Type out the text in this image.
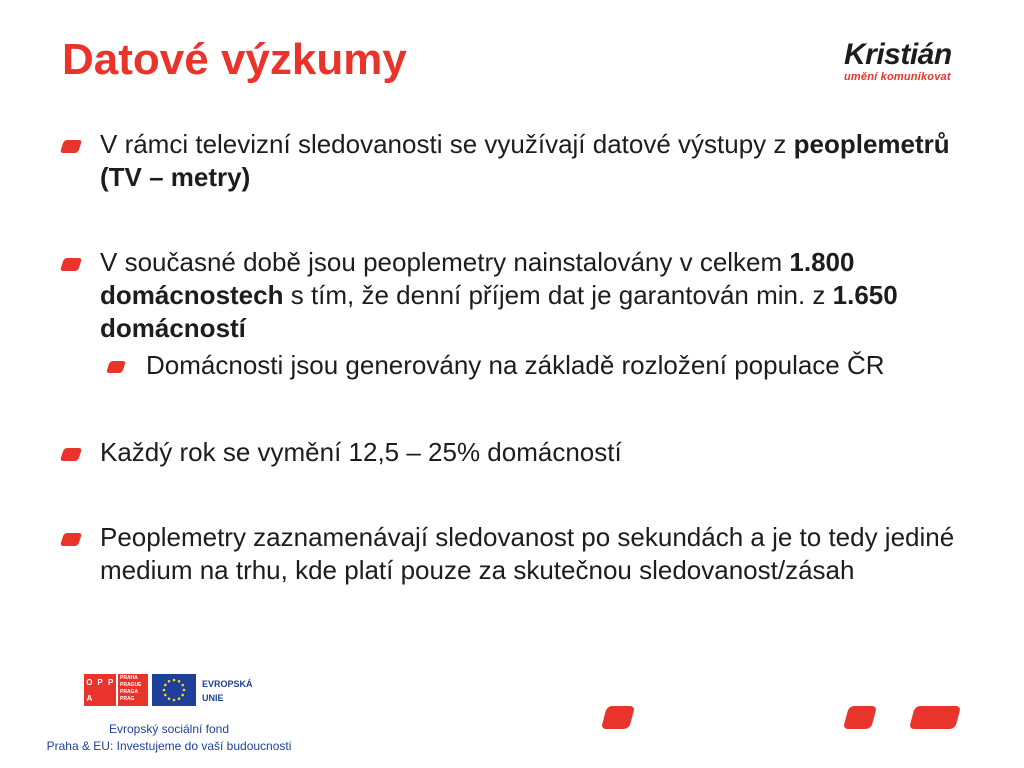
Datové výzkumy	Kristián
umění komunikovat
V rámci televizní sledovanosti se využívají datové výstupy z peoplemetrů (TV – metry)
V současné době jsou peoplemetry nainstalovány v celkem 1.800 domácnostech s tím, že denní příjem dat je garantován min. z 1.650 domácností
Domácnosti jsou generovány na základě rozložení populace ČR
Každý rok se vymění 12,5 – 25% domácností
Peoplemetry zaznamenávají sledovanost po sekundách a je to tedy jediné medium na trhu, kde platí pouze za skutečnou sledovanost/zásah
O P P
A
PRAHA
PRAGUE
PRAGA
PRAG
EVROPSKÁ
UNIE
Evropský sociální fond
Praha & EU: Investujeme do vaší budoucnosti
